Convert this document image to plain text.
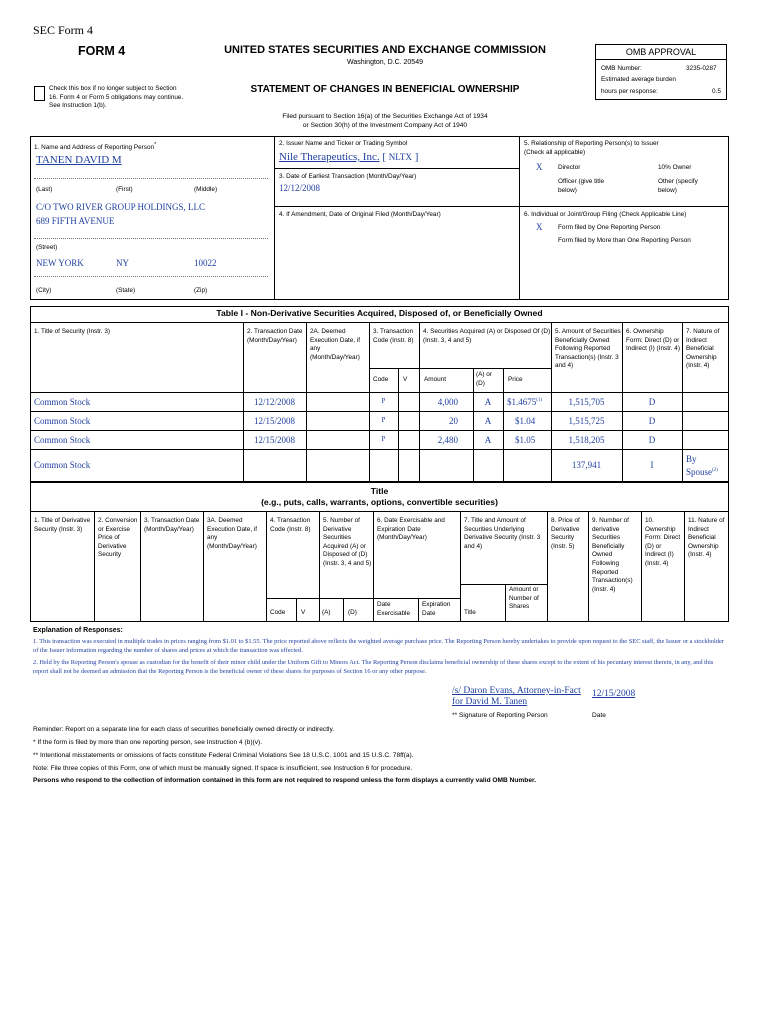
SEC Form 4
FORM 4	UNITED STATES SECURITIES AND EXCHANGE COMMISSION
Washington, D.C. 20549
OMB APPROVAL
OMB Number:	3235-0287
Estimated average burden
hours per response:	0.5
Check this box if no longer subject to Section 16. Form 4 or Form 5 obligations may continue. See Instruction 1(b).
STATEMENT OF CHANGES IN BENEFICIAL OWNERSHIP
Filed pursuant to Section 16(a) of the Securities Exchange Act of 1934
or Section 30(h) of the Investment Company Act of 1940
1. Name and Address of Reporting Person*
TANEN DAVID M
(Last)	(First)	(Middle)
C/O TWO RIVER GROUP HOLDINGS, LLC
689 FIFTH AVENUE
(Street)
NEW YORK	NY	10022
(City)	(State)	(Zip)
2. Issuer Name and Ticker or Trading Symbol
Nile Therapeutics, Inc. [ NLTX ]
3. Date of Earliest Transaction (Month/Day/Year)
12/12/2008
4. If Amendment, Date of Original Filed (Month/Day/Year)
5. Relationship of Reporting Person(s) to Issuer
(Check all applicable)
X Director	10% Owner
Officer (give title below)
Other (specify below)
6. Individual or Joint/Group Filing (Check Applicable Line)
X Form filed by One Reporting Person
Form filed by More than One Reporting Person
Table I - Non-Derivative Securities Acquired, Disposed of, or Beneficially Owned
1. Title of Security (Instr. 3)	2. Transaction Date (Month/Day/Year)
2A. Deemed Execution Date, if any (Month/Day/Year)
3. Transaction Code (Instr. 8)
4. Securities Acquired (A) or Disposed Of (D) (Instr. 3, 4 and 5)
5. Amount of Securities Beneficially Owned Following Reported Transaction(s) (Instr. 3 and 4)
6. Ownership Form: Direct (D) or Indirect (I) (Instr. 4)
7. Nature of Indirect Beneficial Ownership (Instr. 4)
Code V	Amount
(A) or (D)
Price
Common Stock	12/12/2008	P	4,000	A	$1.4675$^{(1)}$	1,515,705	D
Common Stock	12/15/2008	P	20	A	$1.04	1,515,725	D
Common Stock	12/15/2008	P	2,480	A	$1.05	1,518,205	D
Common Stock	137,941	I
By Spouse$^{(2)}$
Title
(e.g., puts, calls, warrants, options, convertible securities)
1. Title of Derivative Security (Instr. 3)
2. Conversion or Exercise Price of Derivative Security
3. Transaction Date (Month/Day/Year)
3A. Deemed Execution Date, if any (Month/Day/Year)
4. Transaction Code (Instr. 8)
5. Number of Derivative Securities Acquired (A) or Disposed of (D) (Instr. 3, 4 and 5)
6. Date Exercisable and Expiration Date (Month/Day/Year)
7. Title and Amount of Securities Underlying Derivative Security (Instr. 3 and 4)
8. Price of Derivative Security (Instr. 5)
9. Number of derivative Securities Beneficially Owned Following Reported Transaction(s) (Instr. 4)
10. Ownership Form: Direct (D) or Indirect (I) (Instr. 4)
11. Nature of Indirect Beneficial Ownership (Instr. 4)
Code V	(A)	(D)
Date Exercisable
Expiration Date	Title
Amount or Number of Shares
Explanation of Responses:
1. This transaction was executed in multiple trades in prices ranging from $1.01 to $1.55. The price reported above reflects the weighted average purchase price. The Reporting Person hereby undertakes to provide upon request to the SEC staff, the Issuer or a stockholder of the Issuer information regarding the number of shares and prices at which the transaction was effected.
2. Held by the Reporting Person's spouse as custodian for the benefit of their minor child under the Uniform Gift to Minors Act. The Reporting Person disclaims beneficial ownership of these shares except to the extent of his pecuniary interest therein, in any, and this report shall not be deemed an admission that the Reporting Person is the beneficial owner of these shares for purposes of Section 16 or any other purpose.
/s/ Daron Evans, Attorney-in-Fact
for David M. Tanen
12/15/2008
** Signature of Reporting Person	Date
Reminder: Report on a separate line for each class of securities beneficially owned directly or indirectly.
* If the form is filed by more than one reporting person, see Instruction 4 (b)(v).
** Intentional misstatements or omissions of facts constitute Federal Criminal Violations See 18 U.S.C. 1001 and 15 U.S.C. 78ff(a).
Note: File three copies of this Form, one of which must be manually signed. If space is insufficient, see Instruction 6 for procedure.
Persons who respond to the collection of information contained in this form are not required to respond unless the form displays a currently valid OMB Number.
